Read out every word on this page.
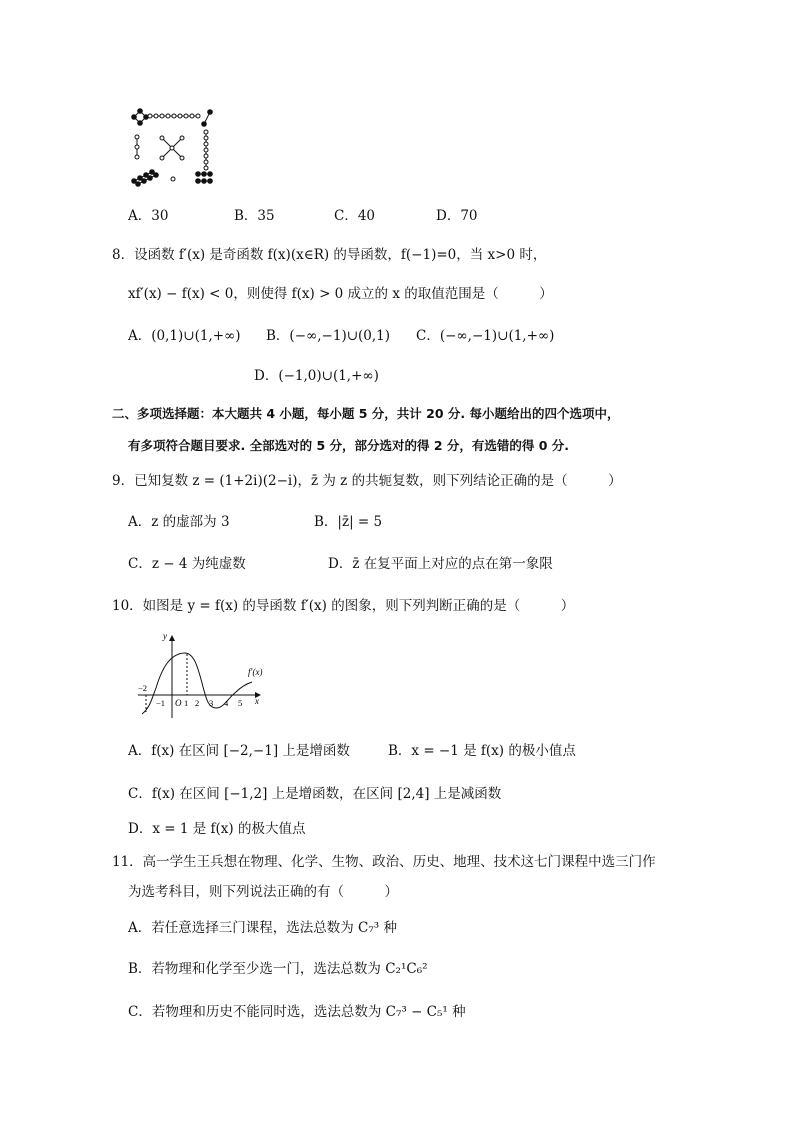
A．30	B．35	C．40	D．70
8．设函数 f′(x) 是奇函数 f(x)(x∈R) 的导函数，f(−1)=0，当 x>0 时，
xf′(x) − f(x) < 0，则使得 f(x) > 0 成立的 x 的取值范围是（　　　）
A．(0,1)∪(1,+∞) B．(−∞,−1)∪(0,1) C．(−∞,−1)∪(1,+∞)
D．(−1,0)∪(1,+∞)
二、多项选择题：本大题共 4 小题，每小题 5 分，共计 20 分. 每小题给出的四个选项中，
有多项符合题目要求. 全部选对的 5 分，部分选对的得 2 分，有选错的得 0 分.
9．已知复数 z = (1+2i)(2−i)，z̄ 为 z 的共轭复数，则下列结论正确的是（　　　）
A．z 的虚部为 3	B．|z̄| = 5
C．z − 4 为纯虚数	D．z̄ 在复平面上对应的点在第一象限
10．如图是 y = f(x) 的导函数 f′(x) 的图象，则下列判断正确的是（　　　）
y
x
f′(x)
O
−2
−1 1 2 3 4 5
A．f(x) 在区间 [−2,−1] 上是增函数	B．x = −1 是 f(x) 的极小值点
C．f(x) 在区间 [−1,2] 上是增函数，在区间 [2,4] 上是减函数
D．x = 1 是 f(x) 的极大值点
11．高一学生王兵想在物理、化学、生物、政治、历史、地理、技术这七门课程中选三门作
为选考科目，则下列说法正确的有（　　　）
A．若任意选择三门课程，选法总数为 C₇³ 种
B．若物理和化学至少选一门，选法总数为 C₂¹C₆²
C．若物理和历史不能同时选，选法总数为 C₇³ − C₅¹ 种
